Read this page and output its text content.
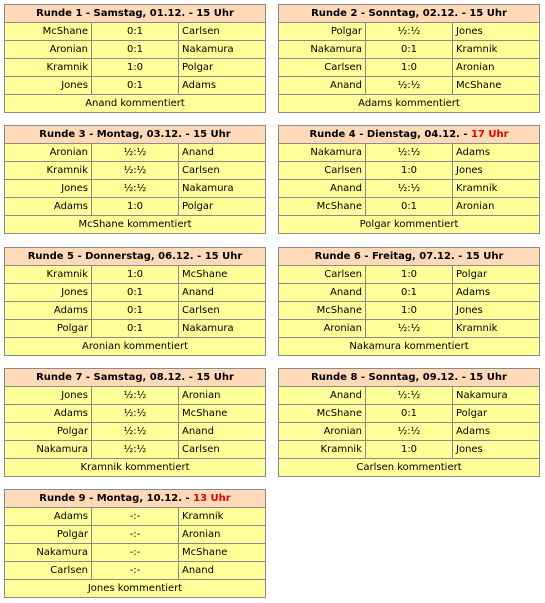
Runde 1 - Samstag, 01.12. - 15 Uhr		
McShane	0:1	Carlsen
Aronian	0:1	Nakamura
Kramnik	1:0	Polgar
Jones	0:1	Adams
Anand kommentiert		
Runde 2 - Sonntag, 02.12. - 15 Uhr		
Polgar	½:½	Jones
Nakamura	0:1	Kramnik
Carlsen	1:0	Aronian
Anand	½:½	McShane
Adams kommentiert		
Runde 3 - Montag, 03.12. - 15 Uhr		
Aronian	½:½	Anand
Kramnik	½:½	Carlsen
Jones	½:½	Nakamura
Adams	1:0	Polgar
McShane kommentiert		
Runde 4 - Dienstag, 04.12. - 17 Uhr		
Nakamura	½:½	Adams
Carlsen	1:0	Jones
Anand	½:½	Kramnik
McShane	0:1	Aronian
Polgar kommentiert		
Runde 5 - Donnerstag, 06.12. - 15 Uhr		
Kramnik	1:0	McShane
Jones	0:1	Anand
Adams	0:1	Carlsen
Polgar	0:1	Nakamura
Aronian kommentiert		
Runde 6 - Freitag, 07.12. - 15 Uhr		
Carlsen	1:0	Polgar
Anand	0:1	Adams
McShane	1:0	Jones
Aronian	½:½	Kramnik
Nakamura kommentiert		
Runde 7 - Samstag, 08.12. - 15 Uhr		
Jones	½:½	Aronian
Adams	½:½	McShane
Polgar	½:½	Anand
Nakamura	½:½	Carlsen
Kramnik kommentiert		
Runde 8 - Sonntag, 09.12. - 15 Uhr		
Anand	½:½	Nakamura
McShane	0:1	Polgar
Aronian	½:½	Adams
Kramnik	1:0	Jones
Carlsen kommentiert		
Runde 9 - Montag, 10.12. - 13 Uhr		
Adams	-:-	Kramnik
Polgar	-:-	Aronian
Nakamura	-:-	McShane
Carlsen	-:-	Anand
Jones kommentiert		
